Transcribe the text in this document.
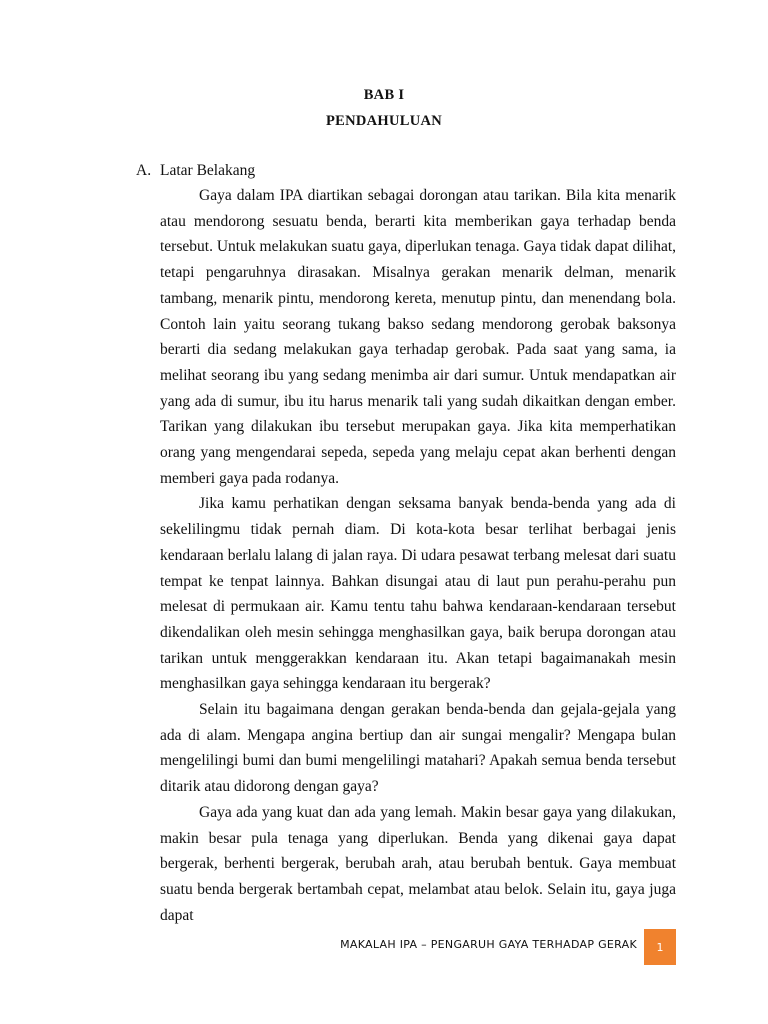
BAB I
PENDAHULUAN
A. Latar Belakang

Gaya dalam IPA diartikan sebagai dorongan atau tarikan. Bila kita menarik atau mendorong sesuatu benda, berarti kita memberikan gaya terhadap benda tersebut. Untuk melakukan suatu gaya, diperlukan tenaga. Gaya tidak dapat dilihat, tetapi pengaruhnya dirasakan. Misalnya gerakan menarik delman, menarik tambang, menarik pintu, mendorong kereta, menutup pintu, dan menendang bola. Contoh lain yaitu seorang tukang bakso sedang mendorong gerobak baksonya berarti dia sedang melakukan gaya terhadap gerobak. Pada saat yang sama, ia melihat seorang ibu yang sedang menimba air dari sumur. Untuk mendapatkan air yang ada di sumur, ibu itu harus menarik tali yang sudah dikaitkan dengan ember. Tarikan yang dilakukan ibu tersebut merupakan gaya. Jika kita memperhatikan orang yang mengendarai sepeda, sepeda yang melaju cepat akan berhenti dengan memberi gaya pada rodanya.

Jika kamu perhatikan dengan seksama banyak benda-benda yang ada di sekelilingmu tidak pernah diam. Di kota-kota besar terlihat berbagai jenis kendaraan berlalu lalang di jalan raya. Di udara pesawat terbang melesat dari suatu tempat ke tenpat lainnya. Bahkan disungai atau di laut pun perahu-perahu pun melesat di permukaan air. Kamu tentu tahu bahwa kendaraan-kendaraan tersebut dikendalikan oleh mesin sehingga menghasilkan gaya, baik berupa dorongan atau tarikan untuk menggerakkan kendaraan itu. Akan tetapi bagaimanakah mesin menghasilkan gaya sehingga kendaraan itu bergerak?

Selain itu bagaimana dengan gerakan benda-benda dan gejala-gejala yang ada di alam. Mengapa angina bertiup dan air sungai mengalir? Mengapa bulan mengelilingi bumi dan bumi mengelilingi matahari? Apakah semua benda tersebut ditarik atau didorong dengan gaya?

Gaya ada yang kuat dan ada yang lemah. Makin besar gaya yang dilakukan, makin besar pula tenaga yang diperlukan. Benda yang dikenai gaya dapat bergerak, berhenti bergerak, berubah arah, atau berubah bentuk. Gaya membuat suatu benda bergerak bertambah cepat, melambat atau belok. Selain itu, gaya juga dapat

MAKALAH IPA – PENGARUH GAYA TERHADAP GERAK 1
